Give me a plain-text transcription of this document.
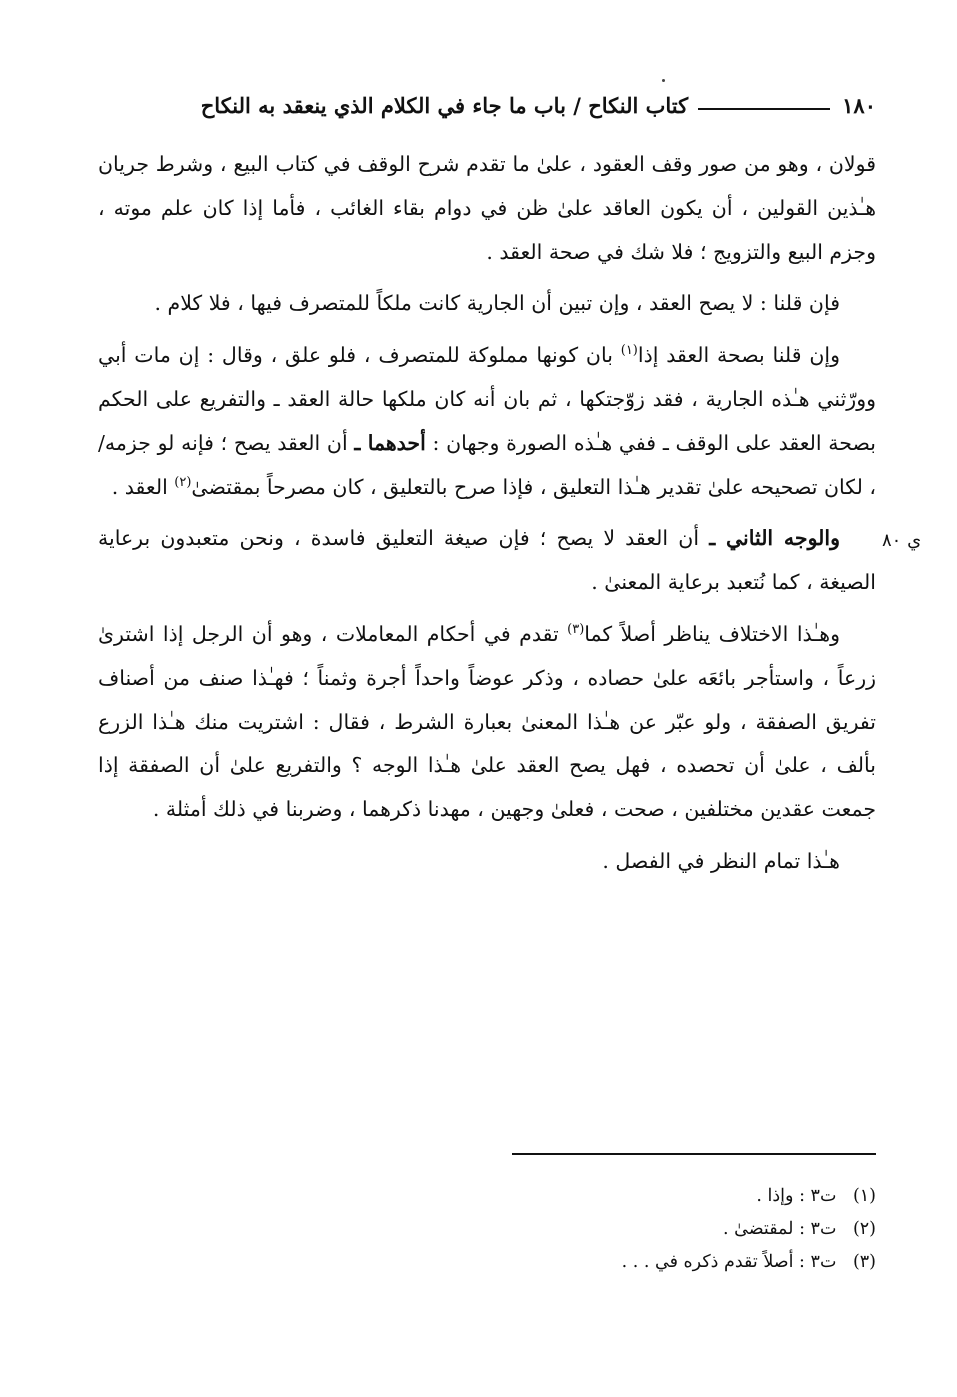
١٨٠
كتاب النكاح / باب ما جاء في الكلام الذي ينعقد به النكاح

قولان ، وهو من صور وقف العقود ، علىٰ ما تقدم شرح الوقف في كتاب البيع ، وشرط جريان هـٰذين القولين ، أن يكون العاقد علىٰ ظن في دوام بقاء الغائب ، فأما إذا كان علم موته ، وجزم البيع والتزويج ؛ فلا شك في صحة العقد .

فإن قلنا : لا يصح العقد ، وإن تبين أن الجارية كانت ملكاً للمتصرف فيها ، فلا كلام .

وإن قلنا بصحة العقد إذا$^{(١)}$ بان كونها مملوكة للمتصرف ، فلو علق ، وقال : إن مات أبي وورّثني هـٰذه الجارية ، فقد زوّجتكها ، ثم بان أنه كان ملكها حالة العقد ـ والتفريع على الحكم بصحة العقد على الوقف ـ ففي هـٰذه الصورة وجهان : أحدهما ـ أن العقد يصح ؛ فإنه لو جزمه/ ، لكان تصحيحه علىٰ تقدير هـٰذا التعليق ، فإذا صرح بالتعليق ، كان مصرحاً بمقتضىٰ$^{(٢)}$ العقد .

والوجه الثاني ـ أن العقد لا يصح ؛ فإن صيغة التعليق فاسدة ، ونحن متعبدون برعاية الصيغة ، كما نُتعبد برعاية المعنىٰ .

وهـٰذا الاختلاف يناظر أصلاً كما$^{(٣)}$ تقدم في أحكام المعاملات ، وهو أن الرجل إذا اشترىٰ زرعاً ، واستأجر بائعَه علىٰ حصاده ، وذكر عوضاً واحداً أجرة وثمناً ؛ فهـٰذا صنف من أصناف تفريق الصفقة ، ولو عبّر عن هـٰذا المعنىٰ بعبارة الشرط ، فقال : اشتريت منك هـٰذا الزرع بألف ، علىٰ أن تحصده ، فهل يصح العقد علىٰ هـٰذا الوجه ؟ والتفريع علىٰ أن الصفقة إذا جمعت عقدين مختلفين ، صحت ، فعلىٰ وجهين ، مهدنا ذكرهما ، وضربنا في ذلك أمثلة .

هـٰذا تمام النظر في الفصل .

ي ٨٠
(١) ت٣ : وإذا .
(٢) ت٣ : لمقتضىٰ .
(٣) ت٣ : أصلاً تقدم ذكره في . . .
